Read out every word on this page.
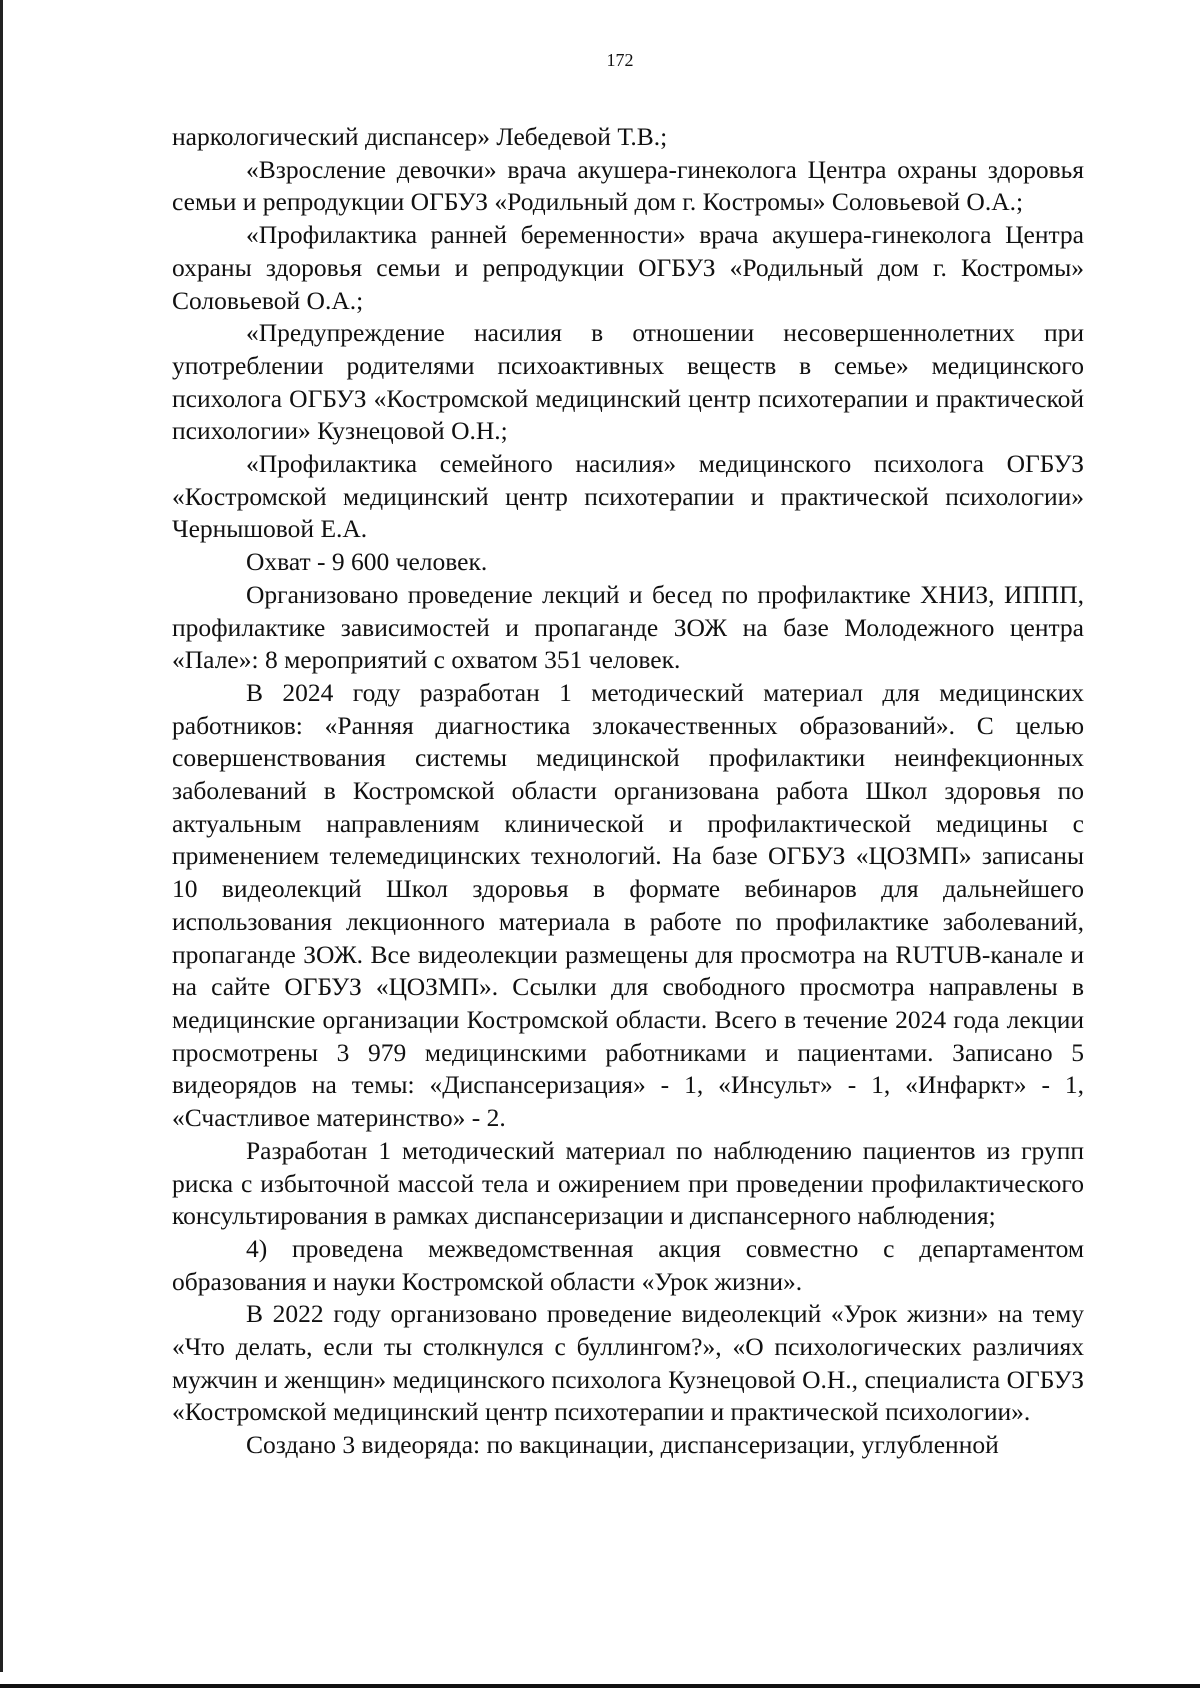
172

наркологический диспансер» Лебедевой Т.В.;

«Взросление девочки» врача акушера-гинеколога Центра охраны здоровья семьи и репродукции ОГБУЗ «Родильный дом г. Костромы» Соловьевой О.А.;

«Профилактика ранней беременности» врача акушера-гинеколога Центра охраны здоровья семьи и репродукции ОГБУЗ «Родильный дом г. Костромы» Соловьевой О.А.;

«Предупреждение насилия в отношении несовершеннолетних при употреблении родителями психоактивных веществ в семье» медицинского психолога ОГБУЗ «Костромской медицинский центр психотерапии и практической психологии» Кузнецовой О.Н.;

«Профилактика семейного насилия» медицинского психолога ОГБУЗ «Костромской медицинский центр психотерапии и практической психологии» Чернышовой Е.А.

Охват - 9 600 человек.

Организовано проведение лекций и бесед по профилактике ХНИЗ, ИППП, профилактике зависимостей и пропаганде ЗОЖ на базе Молодежного центра «Пале»: 8 мероприятий с охватом 351 человек.

В 2024 году разработан 1 методический материал для медицинских работников: «Ранняя диагностика злокачественных образований». С целью совершенствования системы медицинской профилактики неинфекционных заболеваний в Костромской области организована работа Школ здоровья по актуальным направлениям клинической и профилактической медицины с применением телемедицинских технологий. На базе ОГБУЗ «ЦОЗМП» записаны 10 видеолекций Школ здоровья в формате вебинаров для дальнейшего использования лекционного материала в работе по профилактике заболеваний, пропаганде ЗОЖ. Все видеолекции размещены для просмотра на RUTUB-канале и на сайте ОГБУЗ «ЦОЗМП». Ссылки для свободного просмотра направлены в медицинские организации Костромской области. Всего в течение 2024 года лекции просмотрены 3 979 медицинскими работниками и пациентами. Записано 5 видеорядов на темы: «Диспансеризация» - 1, «Инсульт» - 1, «Инфаркт» - 1, «Счастливое материнство» - 2.

Разработан 1 методический материал по наблюдению пациентов из групп риска с избыточной массой тела и ожирением при проведении профилактического консультирования в рамках диспансеризации и диспансерного наблюдения;

4) проведена межведомственная акция совместно с департаментом образования и науки Костромской области «Урок жизни».

В 2022 году организовано проведение видеолекций «Урок жизни» на тему «Что делать, если ты столкнулся с буллингом?», «О психологических различиях мужчин и женщин» медицинского психолога Кузнецовой О.Н., специалиста ОГБУЗ «Костромской медицинский центр психотерапии и практической психологии».

Создано 3 видеоряда: по вакцинации, диспансеризации, углубленной
